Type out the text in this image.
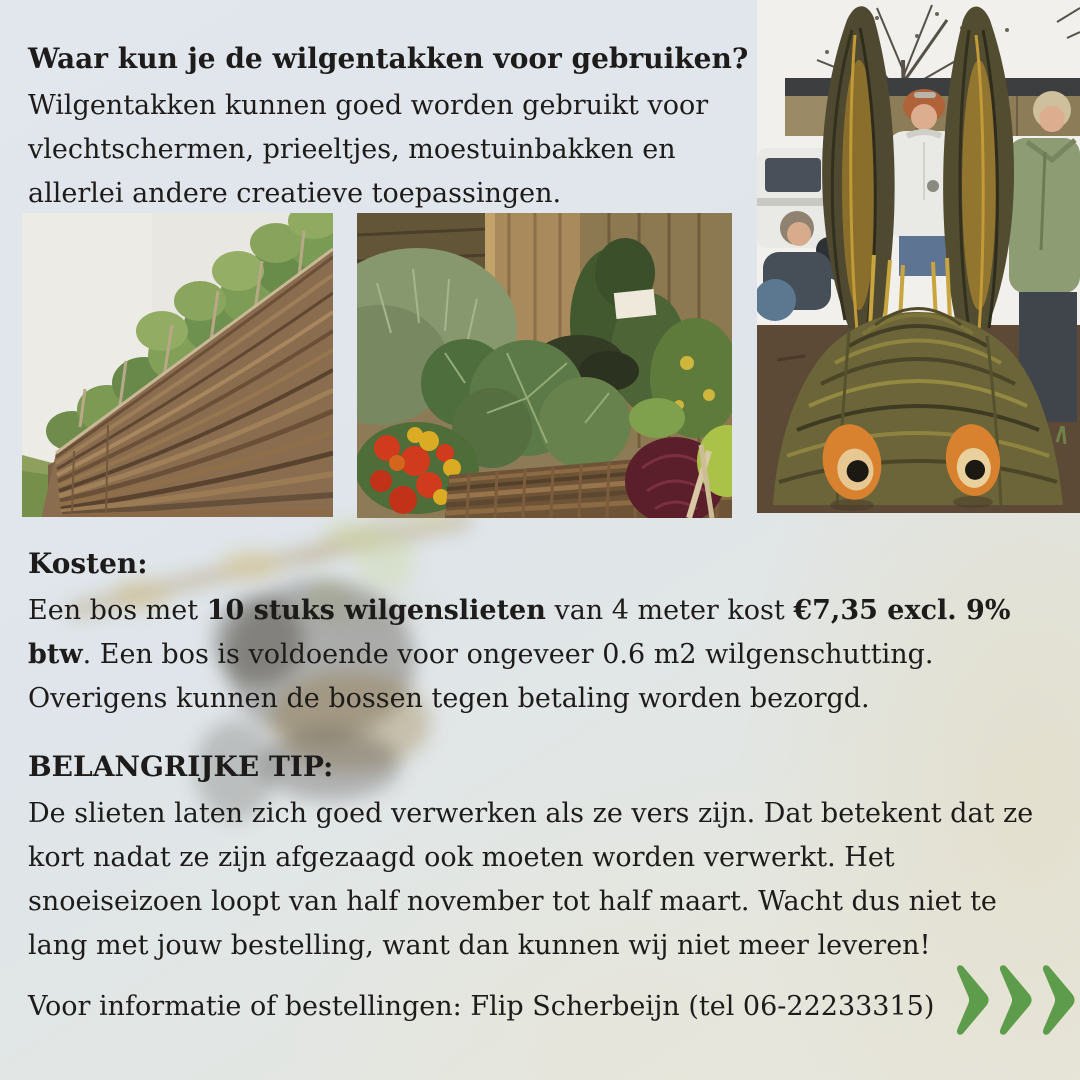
Waar kun je de wilgentakken voor gebruiken?
Wilgentakken kunnen goed worden gebruikt voor vlechtschermen, prieeltjes, moestuinbakken en allerlei andere creatieve toepassingen.
Kosten:
Een bos met 10 stuks wilgenslieten van 4 meter kost €7,35 excl. 9% btw. Een bos is voldoende voor ongeveer 0.6 m2 wilgenschutting. Overigens kunnen de bossen tegen betaling worden bezorgd.
BELANGRIJKE TIP:
De slieten laten zich goed verwerken als ze vers zijn. Dat betekent dat ze kort nadat ze zijn afgezaagd ook moeten worden verwerkt. Het snoeiseizoen loopt van half november tot half maart. Wacht dus niet te lang met jouw bestelling, want dan kunnen wij niet meer leveren!
Voor informatie of bestellingen: Flip Scherbeijn (tel 06-22233315)
